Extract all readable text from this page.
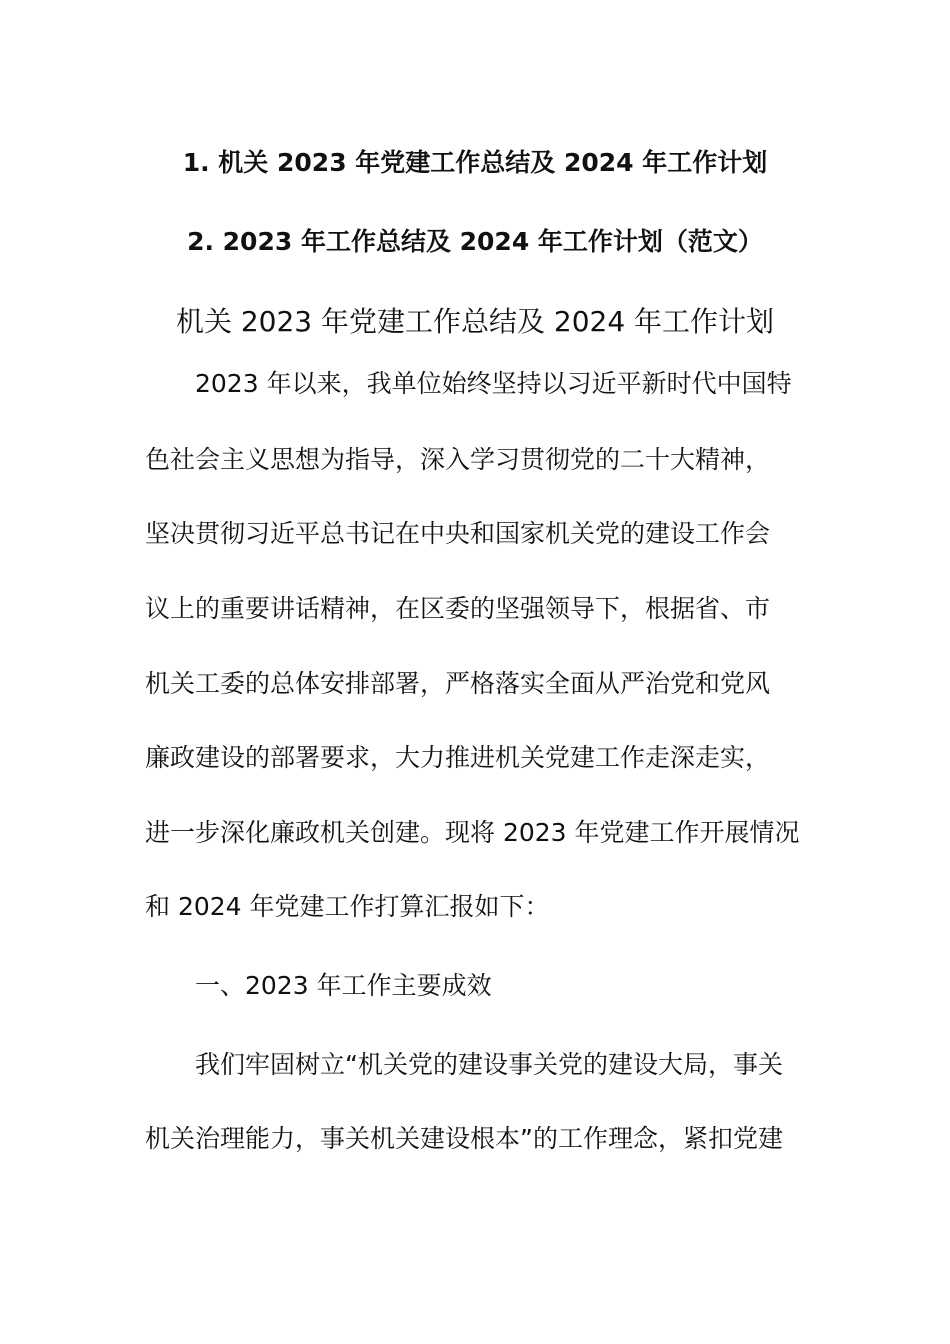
1. 机关 2023 年党建工作总结及 2024 年工作计划
2. 2023 年工作总结及 2024 年工作计划（范文）
机关 2023 年党建工作总结及 2024 年工作计划
2023 年以来，我单位始终坚持以习近平新时代中国特
色社会主义思想为指导，深入学习贯彻党的二十大精神，
坚决贯彻习近平总书记在中央和国家机关党的建设工作会
议上的重要讲话精神，在区委的坚强领导下，根据省、市
机关工委的总体安排部署，严格落实全面从严治党和党风
廉政建设的部署要求，大力推进机关党建工作走深走实，
进一步深化廉政机关创建。现将 2023 年党建工作开展情况
和 2024 年党建工作打算汇报如下：
一、2023 年工作主要成效
我们牢固树立“机关党的建设事关党的建设大局，事关
机关治理能力，事关机关建设根本”的工作理念，紧扣党建
